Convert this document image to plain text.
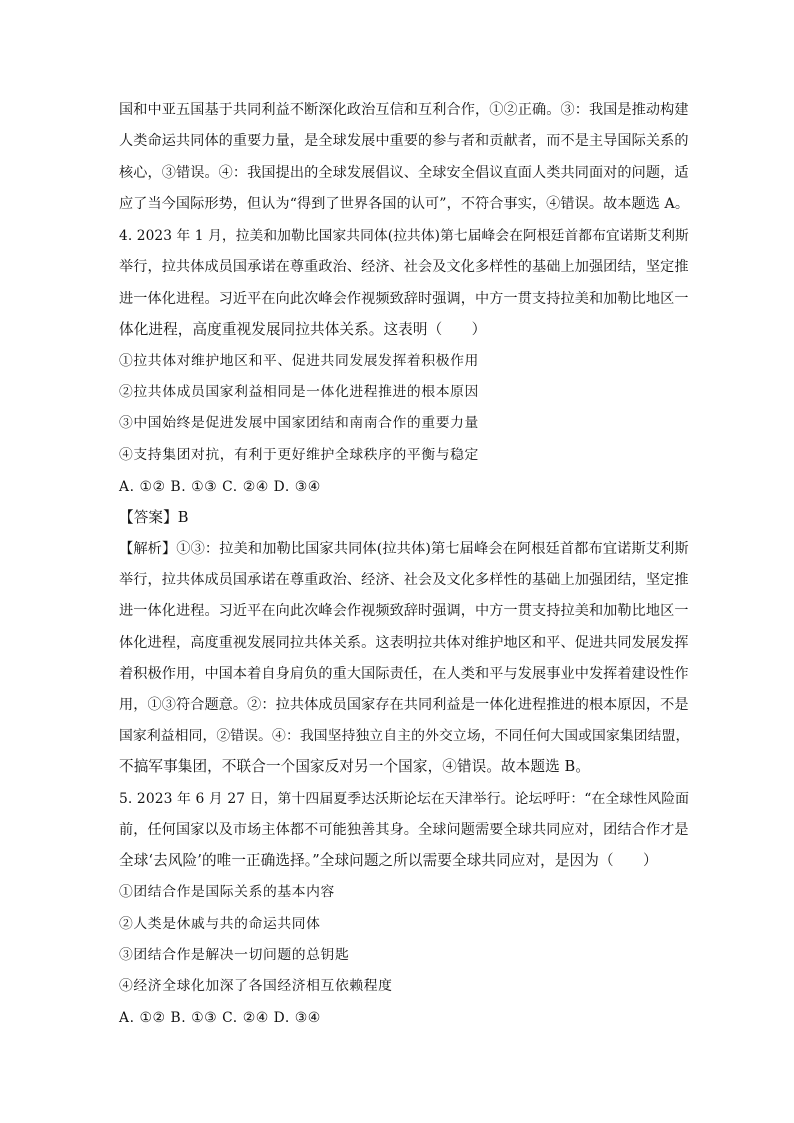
国和中亚五国基于共同利益不断深化政治互信和互利合作，①②正确。③：我国是推动构建
人类命运共同体的重要力量，是全球发展中重要的参与者和贡献者，而不是主导国际关系的
核心，③错误。④：我国提出的全球发展倡议、全球安全倡议直面人类共同面对的问题，适
应了当今国际形势，但认为“得到了世界各国的认可”，不符合事实，④错误。故本题选 A。
4. 2023 年 1 月，拉美和加勒比国家共同体(拉共体)第七届峰会在阿根廷首都布宜诺斯艾利斯
举行，拉共体成员国承诺在尊重政治、经济、社会及文化多样性的基础上加强团结，坚定推
进一体化进程。习近平在向此次峰会作视频致辞时强调，中方一贯支持拉美和加勒比地区一
体化进程，高度重视发展同拉共体关系。这表明（　　）
①拉共体对维护地区和平、促进共同发展发挥着积极作用
②拉共体成员国家利益相同是一体化进程推进的根本原因
③中国始终是促进发展中国家团结和南南合作的重要力量
④支持集团对抗，有利于更好维护全球秩序的平衡与稳定
A. ①② B. ①③ C. ②④ D. ③④
【答案】B
【解析】①③：拉美和加勒比国家共同体(拉共体)第七届峰会在阿根廷首都布宜诺斯艾利斯
举行，拉共体成员国承诺在尊重政治、经济、社会及文化多样性的基础上加强团结，坚定推
进一体化进程。习近平在向此次峰会作视频致辞时强调，中方一贯支持拉美和加勒比地区一
体化进程，高度重视发展同拉共体关系。这表明拉共体对维护地区和平、促进共同发展发挥
着积极作用，中国本着自身肩负的重大国际责任，在人类和平与发展事业中发挥着建设性作
用，①③符合题意。②：拉共体成员国家存在共同利益是一体化进程推进的根本原因，不是
国家利益相同，②错误。④：我国坚持独立自主的外交立场，不同任何大国或国家集团结盟，
不搞军事集团，不联合一个国家反对另一个国家，④错误。故本题选 B。
5. 2023 年 6 月 27 日，第十四届夏季达沃斯论坛在天津举行。论坛呼吁：“在全球性风险面
前，任何国家以及市场主体都不可能独善其身。全球问题需要全球共同应对，团结合作才是
全球‘去风险’的唯一正确选择。”全球问题之所以需要全球共同应对，是因为（　　）
①团结合作是国际关系的基本内容
②人类是休戚与共的命运共同体
③团结合作是解决一切问题的总钥匙
④经济全球化加深了各国经济相互依赖程度
A. ①② B. ①③ C. ②④ D. ③④
